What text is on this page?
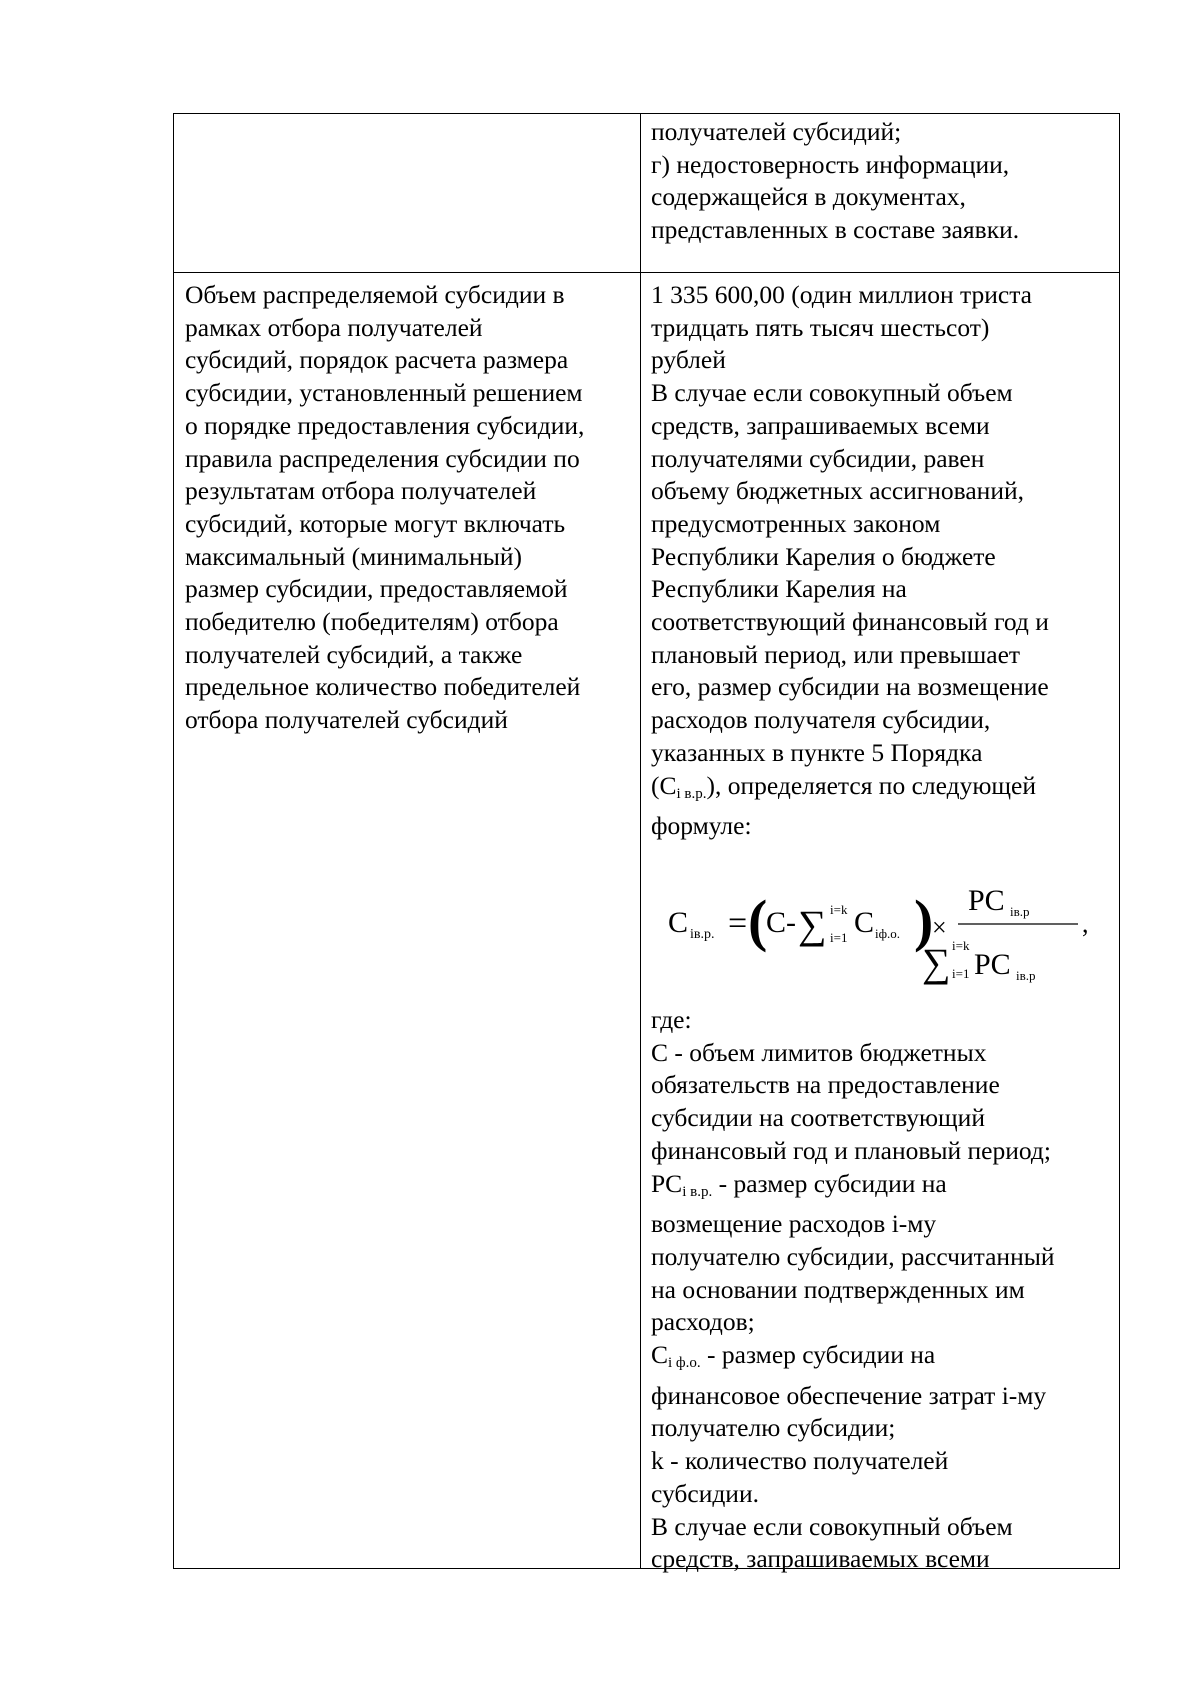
получателей субсидий;

г) недостоверность информации,

содержащейся в документах,

представленных в составе заявки.

Объем распределяемой субсидии в

рамках отбора получателей

субсидий, порядок расчета размера

субсидии, установленный решением

о порядке предоставления субсидии,

правила распределения субсидии по

результатам отбора получателей

субсидий, которые могут включать

максимальный (минимальный)

размер субсидии, предоставляемой

победителю (победителям) отбора

получателей субсидий, а также

предельное количество победителей

отбора получателей субсидий

1 335 600,00 (один миллион триста

тридцать пять тысяч шестьсот)

рублей

В случае если совокупный объем

средств, запрашиваемых всеми

получателями субсидии, равен

объему бюджетных ассигнований,

предусмотренных законом

Республики Карелия о бюджете

Республики Карелия на

соответствующий финансовый год и

плановый период, или превышает

его, размер субсидии на возмещение

расходов получателя субсидии,

указанных в пункте 5 Порядка

$(C_{i в.р.})$, определяется по следующей

формуле:

C iв.р. = (
C - ∑ i=k
i=1 C iф.о. )
×
PC iв.р
∑ i=k
i=1 PC iв.р
,

где:

C - объем лимитов бюджетных

обязательств на предоставление

субсидии на соответствующий

финансовый год и плановый период;

$PC_{i в.р.}$ - размер субсидии на

возмещение расходов i-му

получателю субсидии, рассчитанный

на основании подтвержденных им

расходов;

$C_{i ф.о.}$ - размер субсидии на

финансовое обеспечение затрат i-му

получателю субсидии;

k - количество получателей

субсидии.

В случае если совокупный объем

средств, запрашиваемых всеми
